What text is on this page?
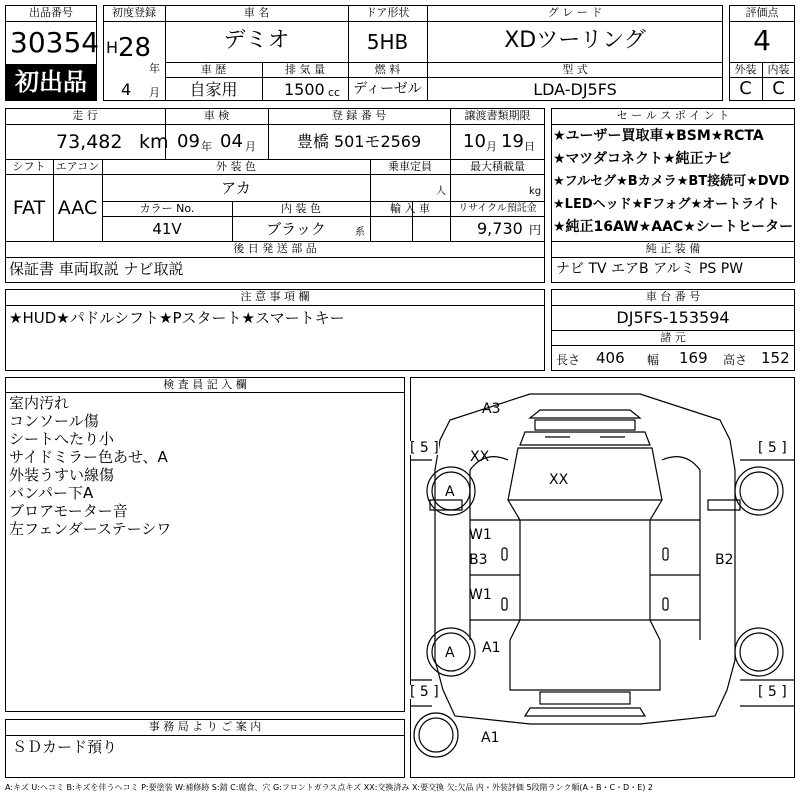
出品番号
30354
初出品
初度登録
H 28
年
4 月
車 名
デミオ
ドア形状
5HB
グ レ ー ド
XDツーリング
車 歴
自家用
排 気 量
1500 cc
燃 料
ディーゼル
型 式
LDA-DJ5FS
評価点
4
外装	内装
C	C
走 行
73,482 km
車 検
09 年 04 月
登 録 番 号
豊橋 501モ2569
譲渡書類期限
10 月 19 日
シフト
FAT
エアコン
AAC
外 装 色
アカ
乗車定員
人
最大積載量
kg
カラー No.
41V
内 装 色
ブラック	系
輸 入 車	リサイクル預託金
9,730 円
後 日 発 送 部 品
保証書 車両取説 ナビ取説
セ ー ル ス ポ イ ン ト
★ユーザー買取車★BSM★RCTA
★マツダコネクト★純正ナビ
★フルセグ★Bカメラ★BT接続可★DVD
★LEDヘッド★Fフォグ★オートライト
★純正16AW★AAC★シートヒーター
純 正 装 備
ナビ TV エアB アルミ PS PW
注 意 事 項 欄
★HUD★パドルシフト★Pスタート★スマートキー
車 台 番 号
DJ5FS-153594
諸 元
長さ 406 幅 169 高さ 152
検 査 員 記 入 欄
室内汚れ
コンソール傷
シートへたり小
サイドミラー色あせ、A
外装うすい線傷
バンパー下A
ブロアモーター音
左フェンダーステーシワ
事 務 局 よ り ご 案 内
ＳＤカード預り
A3
XX
XX
A
W1
B3
W1
A A1
B2
A1
[ 5 ]	[ 5 ]
[ 5 ]	[ 5 ]
A:キズ U:ヘコミ B:キズを伴うヘコミ P:要塗装 W:補修跡 S:錆 C:腐食、穴 G:フロントガラス点キズ XX:交換済み X:要交換 欠:欠品 内・外装評価 5段階ランク順(A・B・C・D・E) 2
